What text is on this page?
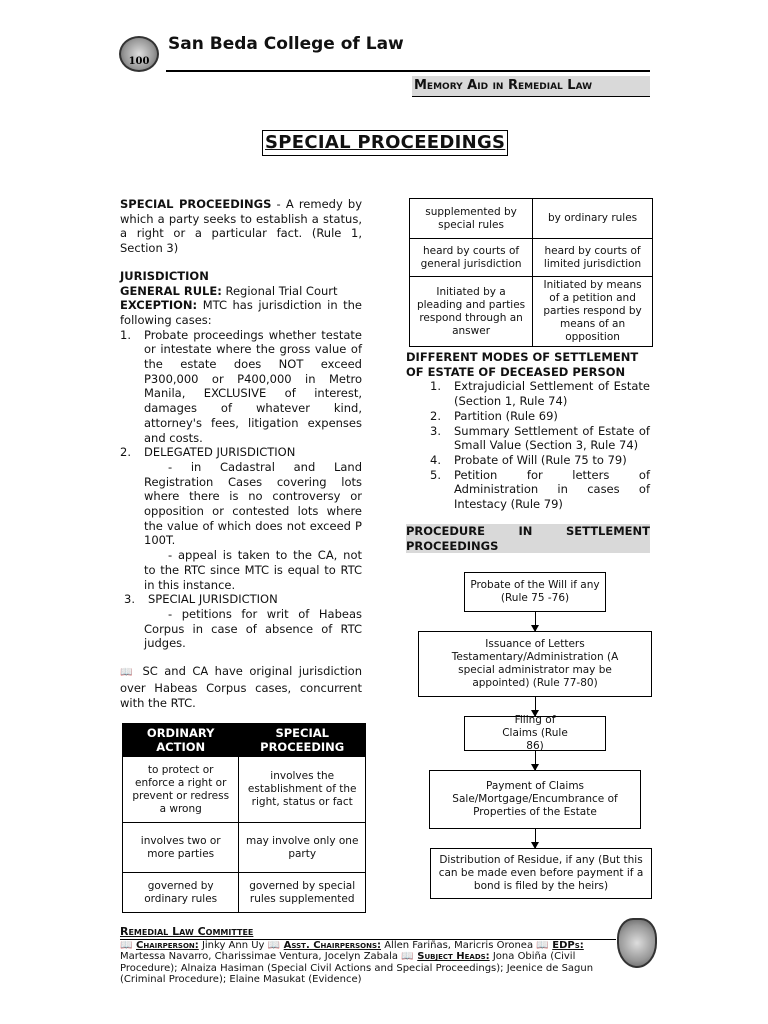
100
San Beda College of Law
Memory Aid in Remedial Law
SPECIAL PROCEEDINGS
SPECIAL PROCEEDINGS - A remedy by which a party seeks to establish a status, a right or a particular fact. (Rule 1, Section 3)
JURISDICTION
GENERAL RULE: Regional Trial Court
EXCEPTION: MTC has jurisdiction in the following cases:
1. Probate proceedings whether testate or intestate where the gross value of the estate does NOT exceed P300,000 or P400,000 in Metro Manila, EXCLUSIVE of interest, damages of whatever kind, attorney's fees, litigation expenses and costs.
2. DELEGATED JURISDICTION
- in Cadastral and Land Registration Cases covering lots where there is no controversy or opposition or contested lots where the value of which does not exceed P 100T.
- appeal is taken to the CA, not to the RTC since MTC is equal to RTC in this instance.
3. SPECIAL JURISDICTION
- petitions for writ of Habeas Corpus in case of absence of RTC judges.
📖 SC and CA have original jurisdiction over Habeas Corpus cases, concurrent with the RTC.
ORDINARY ACTION	SPECIAL PROCEEDING
to protect or enforce a right or prevent or redress a wrong	involves the establishment of the right, status or fact
involves two or more parties	may involve only one party
governed by ordinary rules	governed by special rules supplemented
supplemented by special rules	by ordinary rules
heard by courts of general jurisdiction	heard by courts of limited jurisdiction
Initiated by a pleading and parties respond through an answer	Initiated by means of a petition and parties respond by means of an opposition
DIFFERENT MODES OF SETTLEMENT OF ESTATE OF DECEASED PERSON
1. Extrajudicial Settlement of Estate (Section 1, Rule 74)
2. Partition (Rule 69)
3. Summary Settlement of Estate of Small Value (Section 3, Rule 74)
4. Probate of Will (Rule 75 to 79)
5. Petition for letters of Administration in cases of Intestacy (Rule 79)
PROCEDURE IN SETTLEMENT PROCEEDINGS
Probate of the Will if any (Rule 75 -76)
Issuance of Letters Testamentary/Administration (A special administrator may be appointed) (Rule 77-80)
Filing of Claims (Rule 86)
Payment of Claims Sale/Mortgage/Encumbrance of Properties of the Estate
Distribution of Residue, if any (But this can be made even before payment if a bond is filed by the heirs)
Remedial Law Committee
📖 Chairperson: Jinky Ann Uy 📖 Asst. Chairpersons: Allen Fariñas, Maricris Oronea 📖 EDPs: Martessa Navarro, Charissimae Ventura, Jocelyn Zabala 📖 Subject Heads: Jona Obiña (Civil Procedure); Alnaiza Hasiman (Special Civil Actions and Special Proceedings); Jeenice de Sagun (Criminal Procedure); Elaine Masukat (Evidence)
